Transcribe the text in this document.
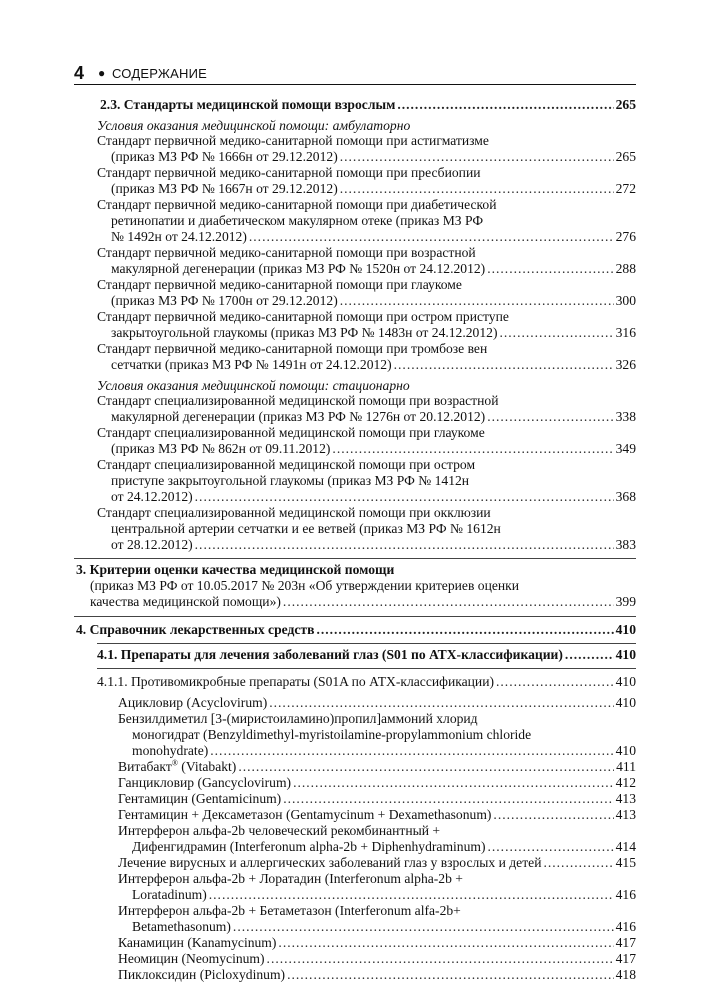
4 ● СОДЕРЖАНИЕ
2.3. Стандарты медицинской помощи взрослым . . .	265
Условия оказания медицинской помощи: амбулаторно
Стандарт первичной медико-санитарной помощи при астигматизме
(приказ МЗ РФ № 1666н от 29.12.2012) . . .	265
Стандарт первичной медико-санитарной помощи при пресбиопии
(приказ МЗ РФ № 1667н от 29.12.2012) . . .	272
Стандарт первичной медико-санитарной помощи при диабетической
ретинопатии и диабетическом макулярном отеке (приказ МЗ РФ
№ 1492н от 24.12.2012) . . .	276
Стандарт первичной медико-санитарной помощи при возрастной
макулярной дегенерации (приказ МЗ РФ № 1520н от 24.12.2012) . . .	288
Стандарт первичной медико-санитарной помощи при глаукоме
(приказ МЗ РФ № 1700н от 29.12.2012) . . .	300
Стандарт первичной медико-санитарной помощи при остром приступе
закрытоугольной глаукомы (приказ МЗ РФ № 1483н от 24.12.2012) . . .	316
Стандарт первичной медико-санитарной помощи при тромбозе вен
сетчатки (приказ МЗ РФ № 1491н от 24.12.2012) . . .	326
Условия оказания медицинской помощи: стационарно
Стандарт специализированной медицинской помощи при возрастной
макулярной дегенерации (приказ МЗ РФ № 1276н от 20.12.2012) . . .	338
Стандарт специализированной медицинской помощи при глаукоме
(приказ МЗ РФ № 862н от 09.11.2012) . . .	349
Стандарт специализированной медицинской помощи при остром
приступе закрытоугольной глаукомы (приказ МЗ РФ № 1412н
от 24.12.2012) . . .	368
Стандарт специализированной медицинской помощи при окклюзии
центральной артерии сетчатки и ее ветвей (приказ МЗ РФ № 1612н
от 28.12.2012) . . .	383
3. Критерии оценки качества медицинской помощи
(приказ МЗ РФ от 10.05.2017 № 203н «Об утверждении критериев оценки
качества медицинской помощи») . . .	399
4. Справочник лекарственных средств . . .	410
4.1. Препараты для лечения заболеваний глаз (S01 по АТХ-классификации) . . .	410
4.1.1. Противомикробные препараты (S01A по АТХ-классификации) . . .	410
Ацикловир (Acyclovirum) . . .	410
Бензилдиметил [3-(миристоиламино)пропил]аммоний хлорид
моногидрат (Benzyldimethyl-myristoilamine-propylammonium chloride
monohydrate) . . .	410
Витабакт® (Vitabakt) . . .	411
Ганцикловир (Gancyclovirum) . . .	412
Гентамицин (Gentamicinum) . . .	413
Гентамицин + Дексаметазон (Gentamycinum + Dexamethasonum) . . .	413
Интерферон альфа-2b человеческий рекомбинантный +
Дифенгидрамин (Interferonum alpha-2b + Diphenhydraminum) . . .	414
Лечение вирусных и аллергических заболеваний глаз у взрослых и детей . . .	415
Интерферон альфа-2b + Лоратадин (Interferonum alpha-2b +
Loratadinum) . . .	416
Интерферон альфа-2b + Бетаметазон (Interferonum alfa-2b+
Betamethasonum) . . .	416
Канамицин (Kanamycinum) . . .	417
Неомицин (Neomycinum) . . .	417
Пиклоксидин (Picloxydinum) . . .	418
